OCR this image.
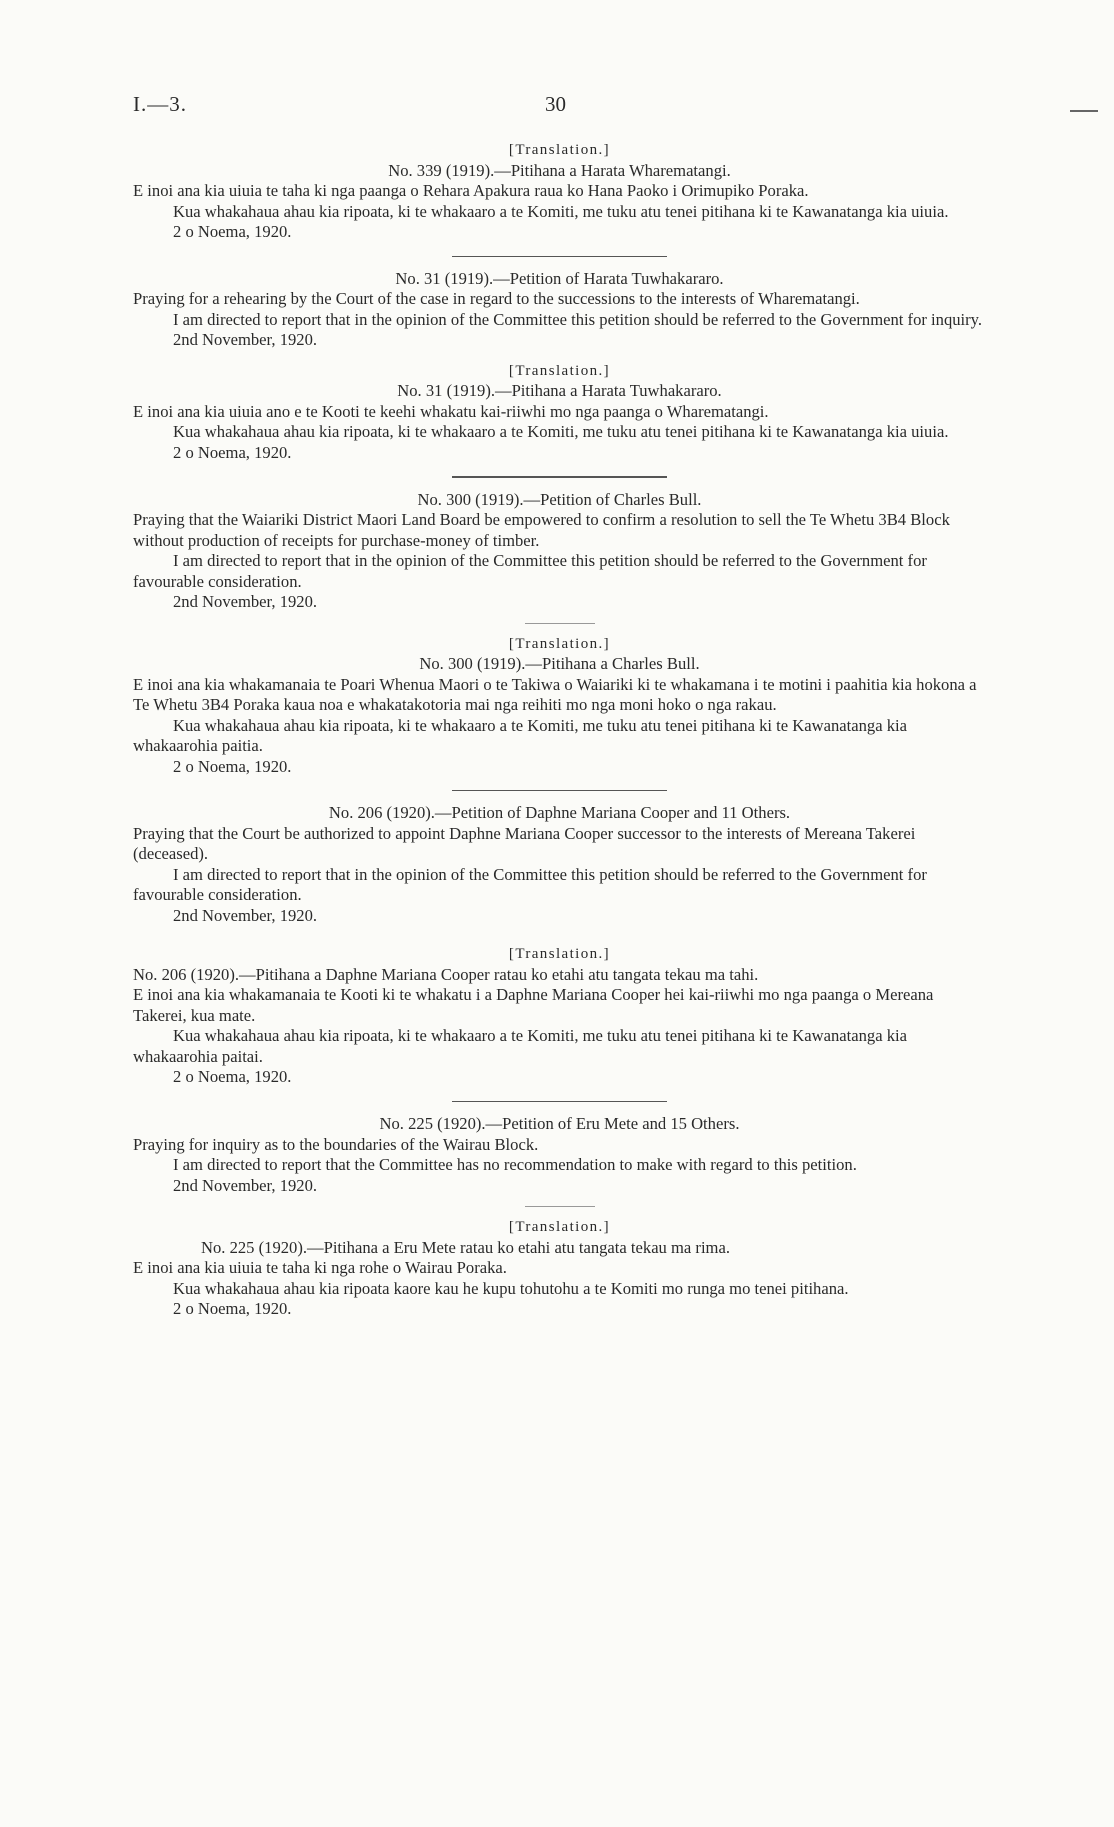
I.—3.	30

[Translation.]

No. 339 (1919).—Pitihana a Harata Wharematangi.

E inoi ana kia uiuia te taha ki nga paanga o Rehara Apakura raua ko Hana Paoko i Orimupiko Poraka.

Kua whakahaua ahau kia ripoata, ki te whakaaro a te Komiti, me tuku atu tenei pitihana ki te Kawanatanga kia uiuia.

2 o Noema, 1920.

No. 31 (1919).—Petition of Harata Tuwhakararo.

Praying for a rehearing by the Court of the case in regard to the successions to the interests of Wharematangi.

I am directed to report that in the opinion of the Committee this petition should be referred to the Government for inquiry.

2nd November, 1920.

[Translation.]

No. 31 (1919).—Pitihana a Harata Tuwhakararo.

E inoi ana kia uiuia ano e te Kooti te keehi whakatu kai-riiwhi mo nga paanga o Wharematangi.

Kua whakahaua ahau kia ripoata, ki te whakaaro a te Komiti, me tuku atu tenei pitihana ki te Kawanatanga kia uiuia.

2 o Noema, 1920.

No. 300 (1919).—Petition of Charles Bull.

Praying that the Waiariki District Maori Land Board be empowered to confirm a resolution to sell the Te Whetu 3B4 Block without production of receipts for purchase-money of timber.

I am directed to report that in the opinion of the Committee this petition should be referred to the Government for favourable consideration.

2nd November, 1920.

[Translation.]

No. 300 (1919).—Pitihana a Charles Bull.

E inoi ana kia whakamanaia te Poari Whenua Maori o te Takiwa o Waiariki ki te whakamana i te motini i paahitia kia hokona a Te Whetu 3B4 Poraka kaua noa e whakatakotoria mai nga reihiti mo nga moni hoko o nga rakau.

Kua whakahaua ahau kia ripoata, ki te whakaaro a te Komiti, me tuku atu tenei pitihana ki te Kawanatanga kia whakaarohia paitia.

2 o Noema, 1920.

No. 206 (1920).—Petition of Daphne Mariana Cooper and 11 Others.

Praying that the Court be authorized to appoint Daphne Mariana Cooper successor to the interests of Mereana Takerei (deceased).

I am directed to report that in the opinion of the Committee this petition should be referred to the Government for favourable consideration.

2nd November, 1920.

[Translation.]

No. 206 (1920).—Pitihana a Daphne Mariana Cooper ratau ko etahi atu tangata tekau ma tahi.

E inoi ana kia whakamanaia te Kooti ki te whakatu i a Daphne Mariana Cooper hei kai-riiwhi mo nga paanga o Mereana Takerei, kua mate.

Kua whakahaua ahau kia ripoata, ki te whakaaro a te Komiti, me tuku atu tenei pitihana ki te Kawanatanga kia whakaarohia paitai.

2 o Noema, 1920.

No. 225 (1920).—Petition of Eru Mete and 15 Others.

Praying for inquiry as to the boundaries of the Wairau Block.

I am directed to report that the Committee has no recommendation to make with regard to this petition.

2nd November, 1920.

[Translation.]

No. 225 (1920).—Pitihana a Eru Mete ratau ko etahi atu tangata tekau ma rima.

E inoi ana kia uiuia te taha ki nga rohe o Wairau Poraka.

Kua whakahaua ahau kia ripoata kaore kau he kupu tohutohu a te Komiti mo runga mo tenei pitihana.

2 o Noema, 1920.
